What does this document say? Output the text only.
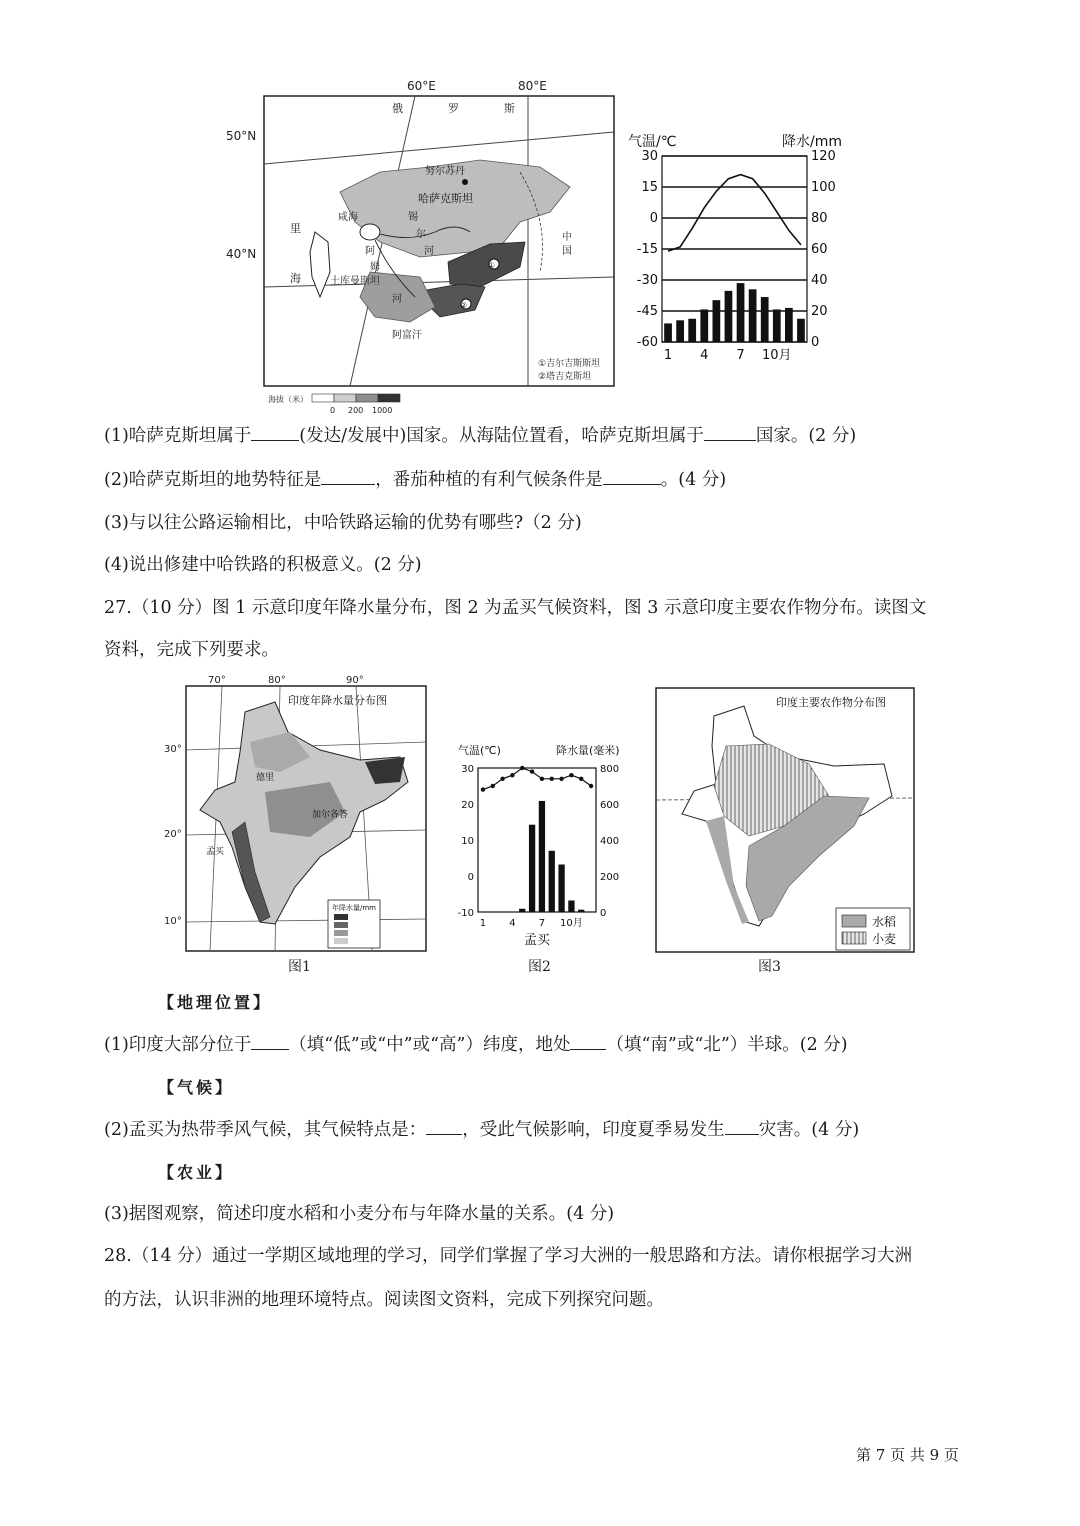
60°E	80°E
50°N
40°N
俄	罗	斯
努尔苏丹
哈萨克斯坦
中
国
里
海
咸海	锡
尔
河
阿
姆
河
土库曼斯坦
阿富汗
①
②
①吉尔吉斯斯坦
②塔吉克斯坦
海拔（米）
0 200 1000
气温/℃	降水/mm
30	120
15	100
0	80
-15	60
-30	40
-45	20
-60	0
1 4 7 10月
(1)哈萨克斯坦属于	(发达/发展中)国家。从海陆位置看，哈萨克斯坦属于	国家。(2 分)
(2)哈萨克斯坦的地势特征是	，番茄种植的有利气候条件是	。(4 分)
(3)与以往公路运输相比，中哈铁路运输的优势有哪些?（2 分)
(4)说出修建中哈铁路的积极意义。(2 分)
27.（10 分）图 1 示意印度年降水量分布，图 2 为孟买气候资料，图 3 示意印度主要农作物分布。读图文
资料，完成下列要求。
印度年降水量分布图
70°	80°	90°
30°
20°
10°
德里
加尔各答
孟买
年降水量/mm
图1
气温(℃)	降水量(毫米)
30	800
20	600
10	400
0	200
-10	0
1 4 7 10月
孟买
图2
印度主要农作物分布图
水稻
小麦
图3
【地理位置】
(1)印度大部分位于 （填“低”或“中”或“高”）纬度，地处 （填“南”或“北”）半球。(2 分)
【气候】
(2)孟买为热带季风气候，其气候特点是： ，受此气候影响，印度夏季易发生 灾害。(4 分)
【农业】
(3)据图观察，简述印度水稻和小麦分布与年降水量的关系。(4 分)
28.（14 分）通过一学期区域地理的学习，同学们掌握了学习大洲的一般思路和方法。请你根据学习大洲
的方法，认识非洲的地理环境特点。阅读图文资料，完成下列探究问题。
第 7 页 共 9 页
